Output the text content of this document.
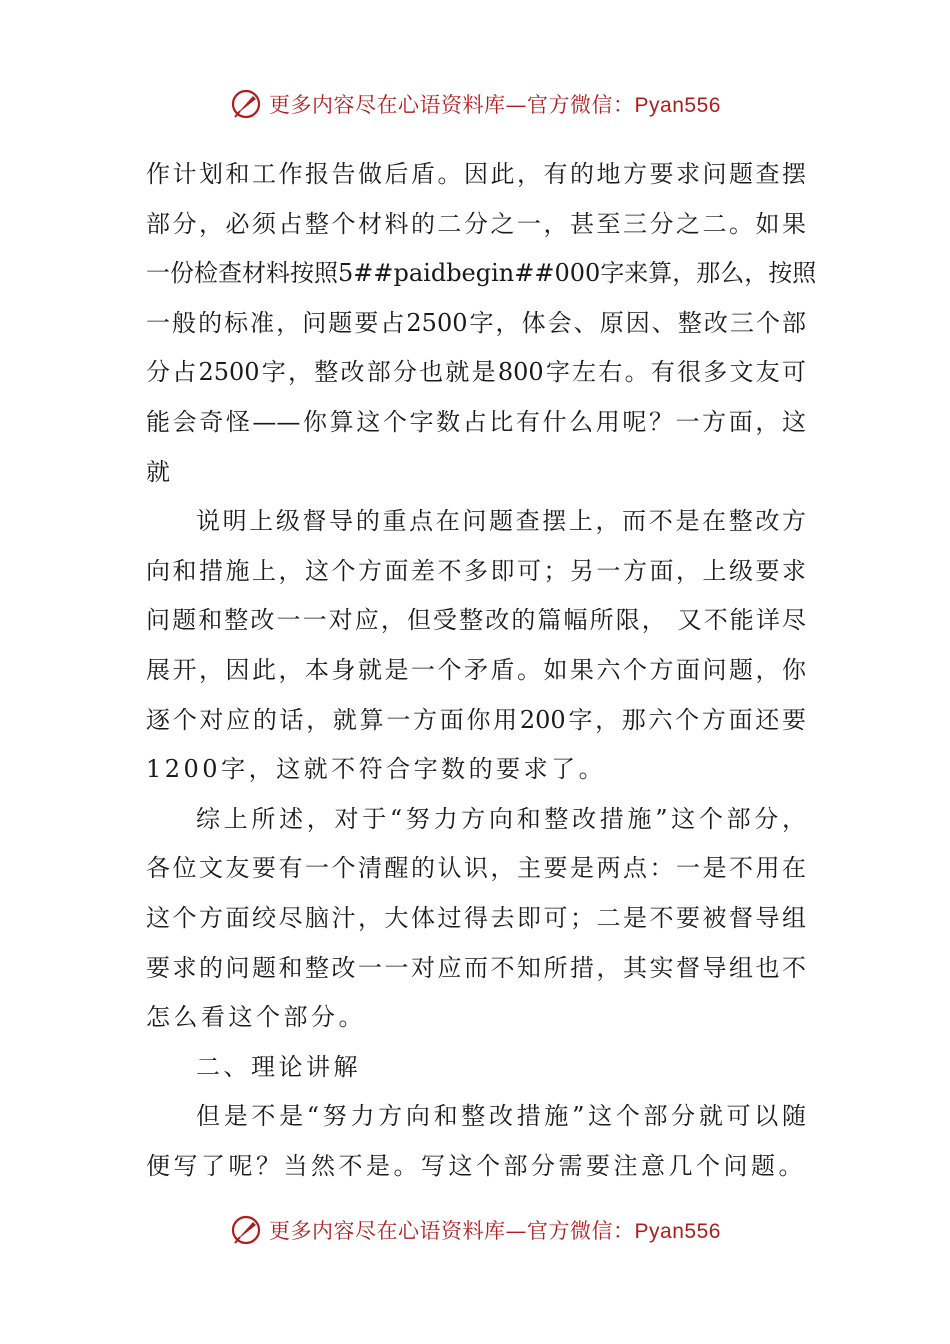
更多内容尽在心语资料库—官方微信：Pyan556
作计划和工作报告做后盾。因此，有的地方要求问题查摆
部分，必须占整个材料的二分之一，甚至三分之二。如果
一份检查材料按照5##paidbegin##000字来算，那么，按照
一般的标准，问题要占2500字，体会、原因、整改三个部
分占2500字，整改部分也就是800字左右。有很多文友可
能会奇怪——你算这个字数占比有什么用呢？一方面，这
就
说明上级督导的重点在问题查摆上，而不是在整改方
向和措施上，这个方面差不多即可；另一方面，上级要求
问题和整改一一对应，但受整改的篇幅所限， 又不能详尽
展开，因此，本身就是一个矛盾。如果六个方面问题，你
逐个对应的话，就算一方面你用200字，那六个方面还要
1200字，这就不符合字数的要求了。
综上所述，对于“努力方向和整改措施”这个部分，
各位文友要有一个清醒的认识，主要是两点：一是不用在
这个方面绞尽脑汁，大体过得去即可；二是不要被督导组
要求的问题和整改一一对应而不知所措，其实督导组也不
怎么看这个部分。
二、理论讲解
但是不是“努力方向和整改措施”这个部分就可以随
便写了呢？当然不是。写这个部分需要注意几个问题。
更多内容尽在心语资料库—官方微信：Pyan556
